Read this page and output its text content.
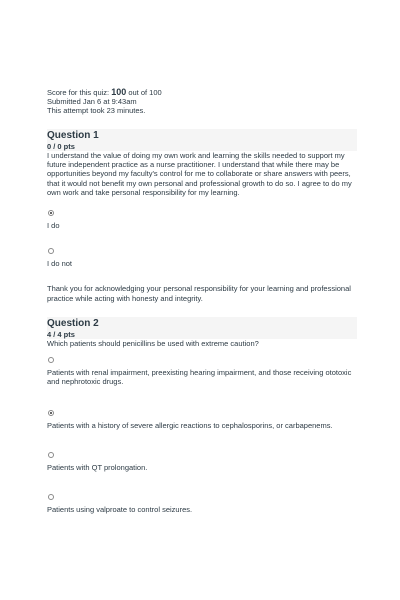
Score for this quiz: 100 out of 100
Submitted Jan 6 at 9:43am
This attempt took 23 minutes.
Question 1
0 / 0 pts
I understand the value of doing my own work and learning the skills needed to support my future independent practice as a nurse practitioner. I understand that while there may be opportunities beyond my faculty's control for me to collaborate or share answers with peers, that it would not benefit my own personal and professional growth to do so. I agree to do my own work and take personal responsibility for my learning.
I do
I do not
Thank you for acknowledging your personal responsibility for your learning and professional practice while acting with honesty and integrity.
Question 2
4 / 4 pts
Which patients should penicillins be used with extreme caution?
Patients with renal impairment, preexisting hearing impairment, and those receiving ototoxic and nephrotoxic drugs.
Patients with a history of severe allergic reactions to cephalosporins, or carbapenems.
Patients with QT prolongation.
Patients using valproate to control seizures.
